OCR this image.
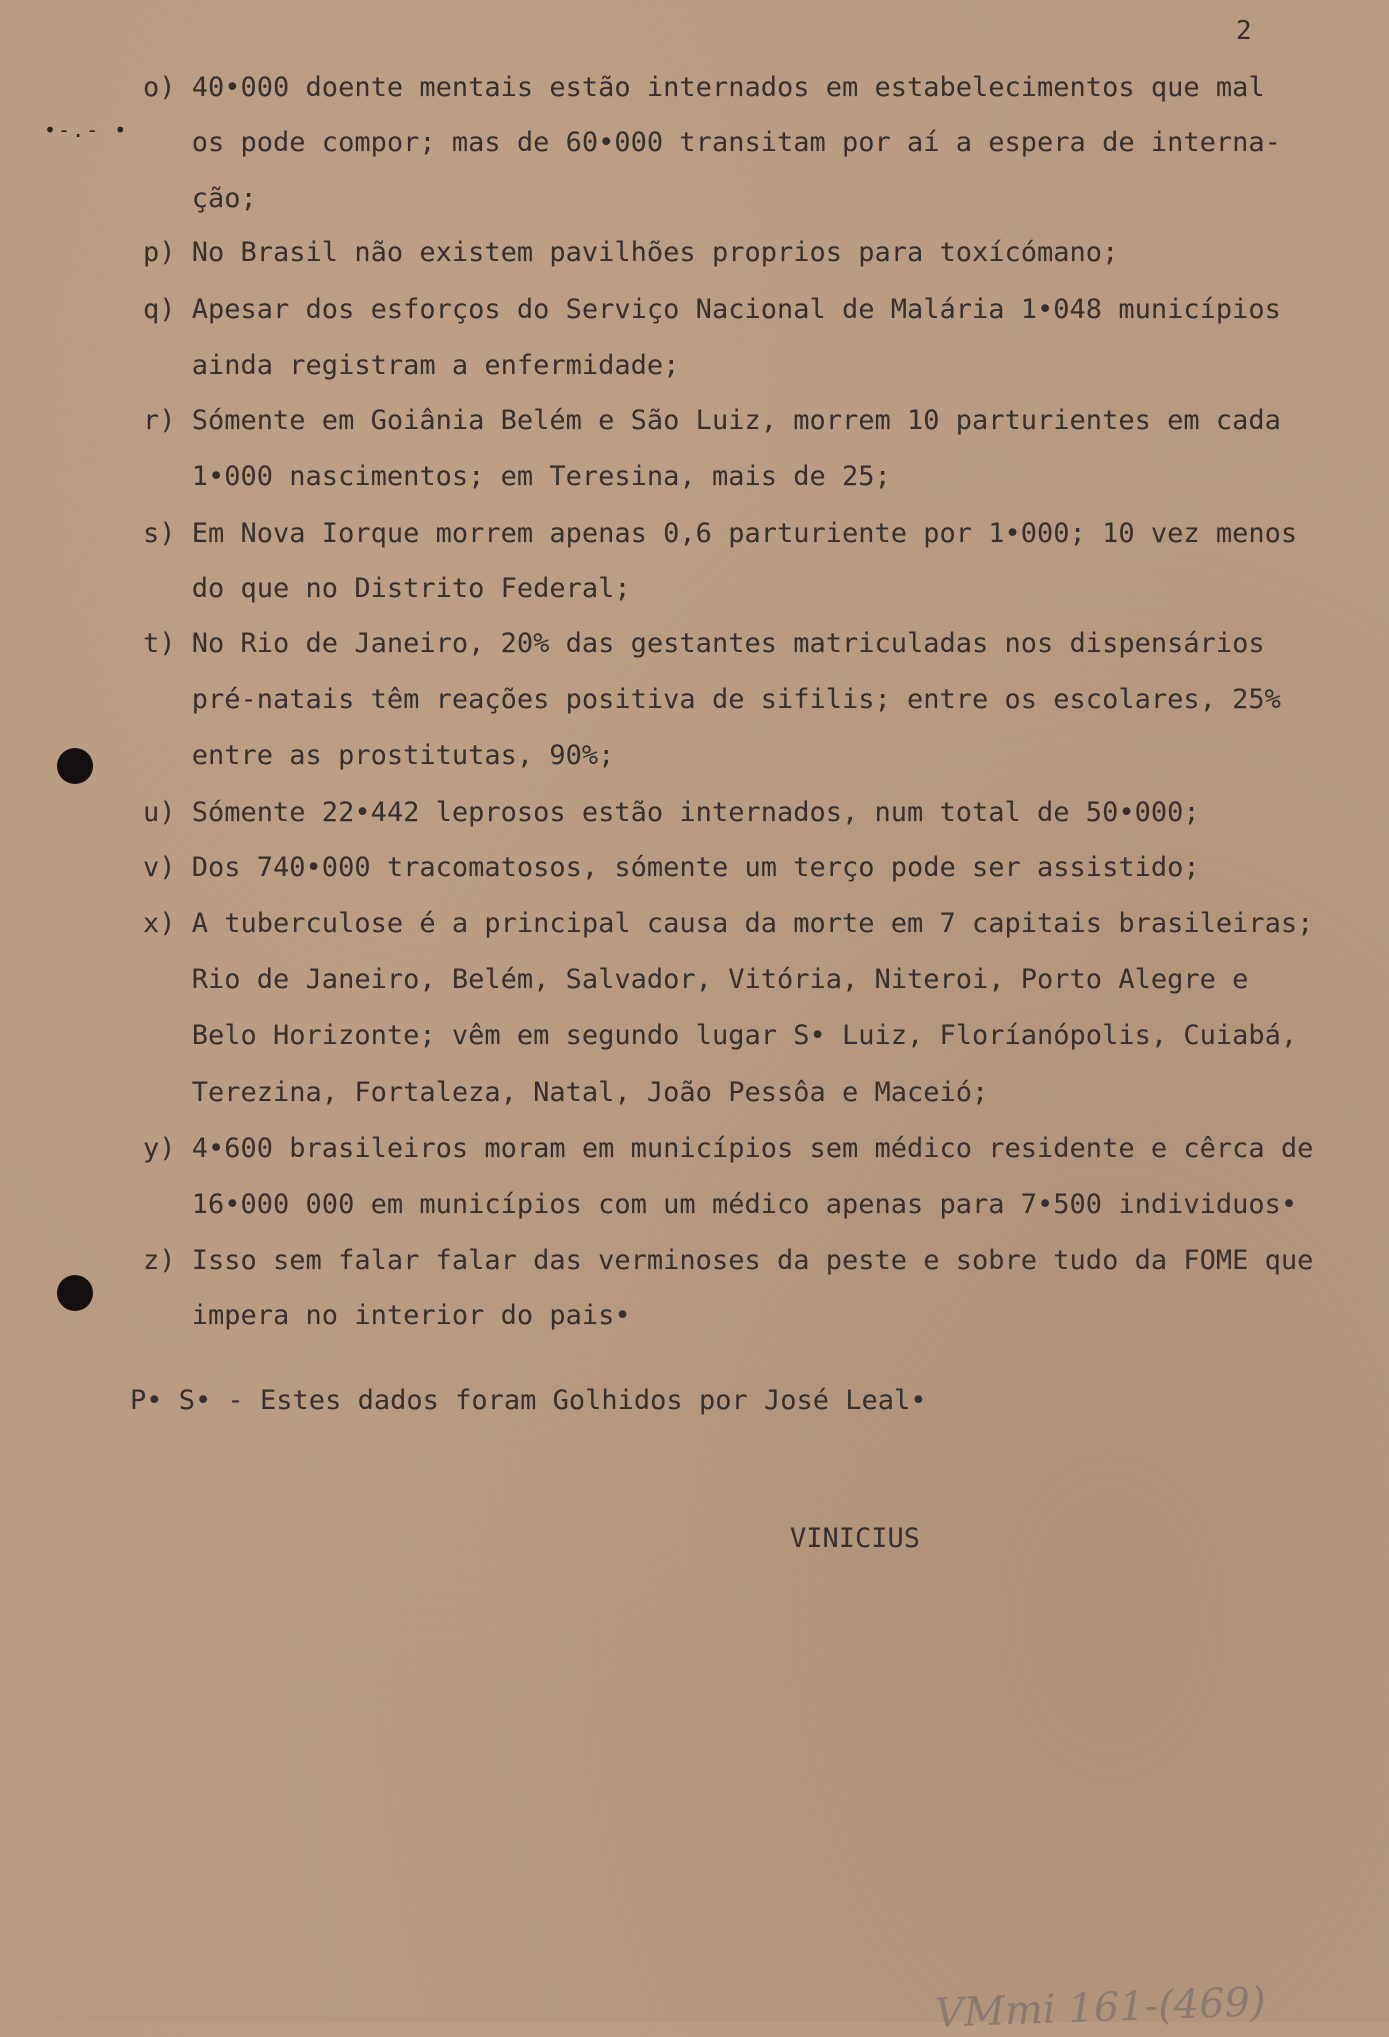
2
•-.- •
o) 40•000 doente mentais estão internados em estabelecimentos que mal
os pode compor; mas de 60•000 transitam por aí a espera de interna-
ção;
p) No Brasil não existem pavilhões proprios para toxícómano;
q) Apesar dos esforços do Serviço Nacional de Malária 1•048 municípios
ainda registram a enfermidade;
r) Sómente em Goiânia Belém e São Luiz, morrem 10 parturientes em cada
1•000 nascimentos; em Teresina, mais de 25;
s) Em Nova Iorque morrem apenas 0,6 parturiente por 1•000; 10 vez menos
do que no Distrito Federal;
t) No Rio de Janeiro, 20% das gestantes matriculadas nos dispensários
pré-natais têm reações positiva de sifilis; entre os escolares, 25%
entre as prostitutas, 90%;
u) Sómente 22•442 leprosos estão internados, num total de 50•000;
v) Dos 740•000 tracomatosos, sómente um terço pode ser assistido;
x) A tuberculose é a principal causa da morte em 7 capitais brasileiras;
Rio de Janeiro, Belém, Salvador, Vitória, Niteroi, Porto Alegre e
Belo Horizonte; vêm em segundo lugar S• Luiz, Floríanópolis, Cuiabá,
Terezina, Fortaleza, Natal, João Pessôa e Maceió;
y) 4•600 brasileiros moram em municípios sem médico residente e cêrca de
16•000 000 em municípios com um médico apenas para 7•500 individuos•
z) Isso sem falar falar das verminoses da peste e sobre tudo da FOME que
impera no interior do pais•
P• S• - Estes dados foram Golhidos por José Leal•
VINICIUS
VMmi 161-(469)
